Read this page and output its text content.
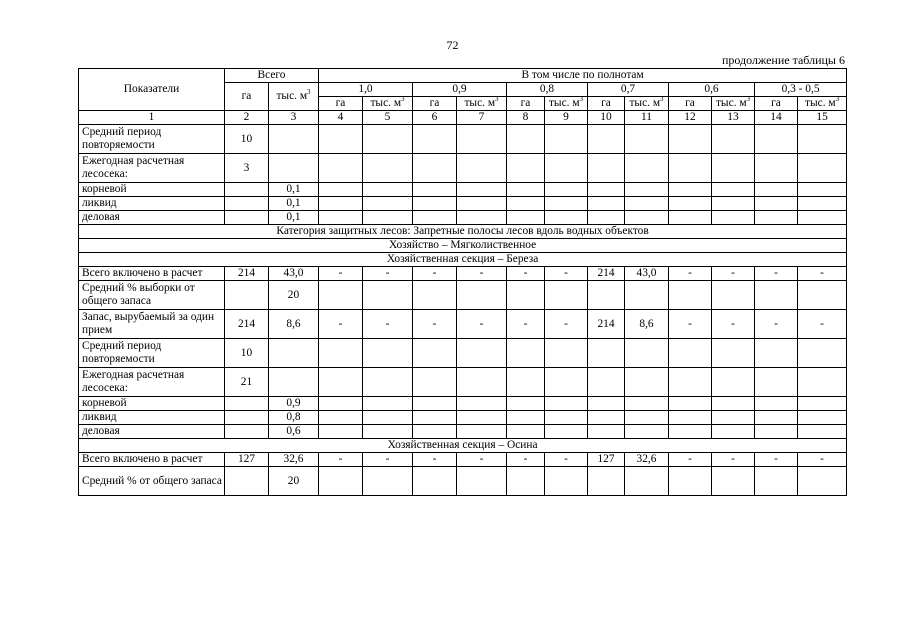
72
продолжение таблицы 6
Показатели	Всего		В том числе по полнотам											
	га	тыс. $м^3$	1,0		0,9		0,8		0,7		0,6		0,3 - 0,5	
			га	тыс. $м^3$	га	тыс. $м^3$	га	тыс. $м^3$	га	тыс. $м^3$	га	тыс. $м^3$	га	тыс. $м^3$
1	2	3	4	5	6	7	8	9	10	11	12	13	14	15
Средний период повторяемости	10													
Ежегодная расчетная лесосека:	3													
корневой		0,1												
ликвид		0,1												
деловая		0,1												
Категория защитных лесов: Запретные полосы лесов вдоль водных объектов														
Хозяйство – Мягколиственное														
Хозяйственная секция – Береза														
Всего включено в расчет	214	43,0	-	-	-	-	-	-	214	43,0	-	-	-	-
Средний % выборки от общего запаса		20												
Запас, вырубаемый за один прием	214	8,6	-	-	-	-	-	-	214	8,6	-	-	-	-
Средний период повторяемости	10													
Ежегодная расчетная лесосека:	21													
корневой		0,9												
ликвид		0,8												
деловая		0,6												
Хозяйственная секция – Осина														
Всего включено в расчет	127	32,6	-	-	-	-	-	-	127	32,6	-	-	-	-
Средний % от общего запаса		20												
